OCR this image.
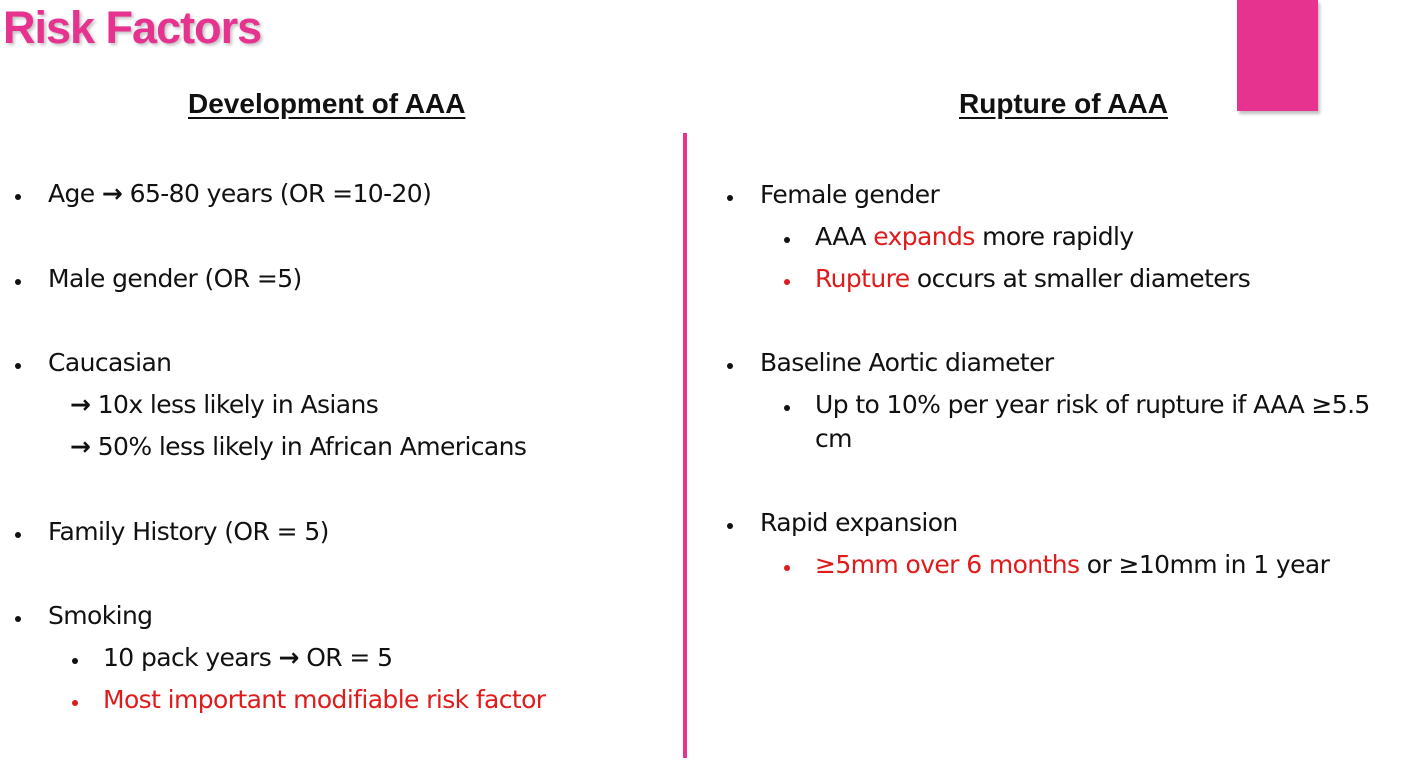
Risk Factors
Development of AAA	Rupture of AAA

Age → 65-80 years (OR =10-20)

Male gender (OR =5)

Caucasian

→ 10x less likely in Asians

→ 50% less likely in African Americans

Family History (OR = 5)

Smoking

10 pack years → OR = 5

Most important modifiable risk factor

Female gender

AAA expands more rapidly

Rupture occurs at smaller diameters

Baseline Aortic diameter

Up to 10% per year risk of rupture if AAA ≥5.5

cm

Rapid expansion

≥5mm over 6 months or ≥10mm in 1 year
